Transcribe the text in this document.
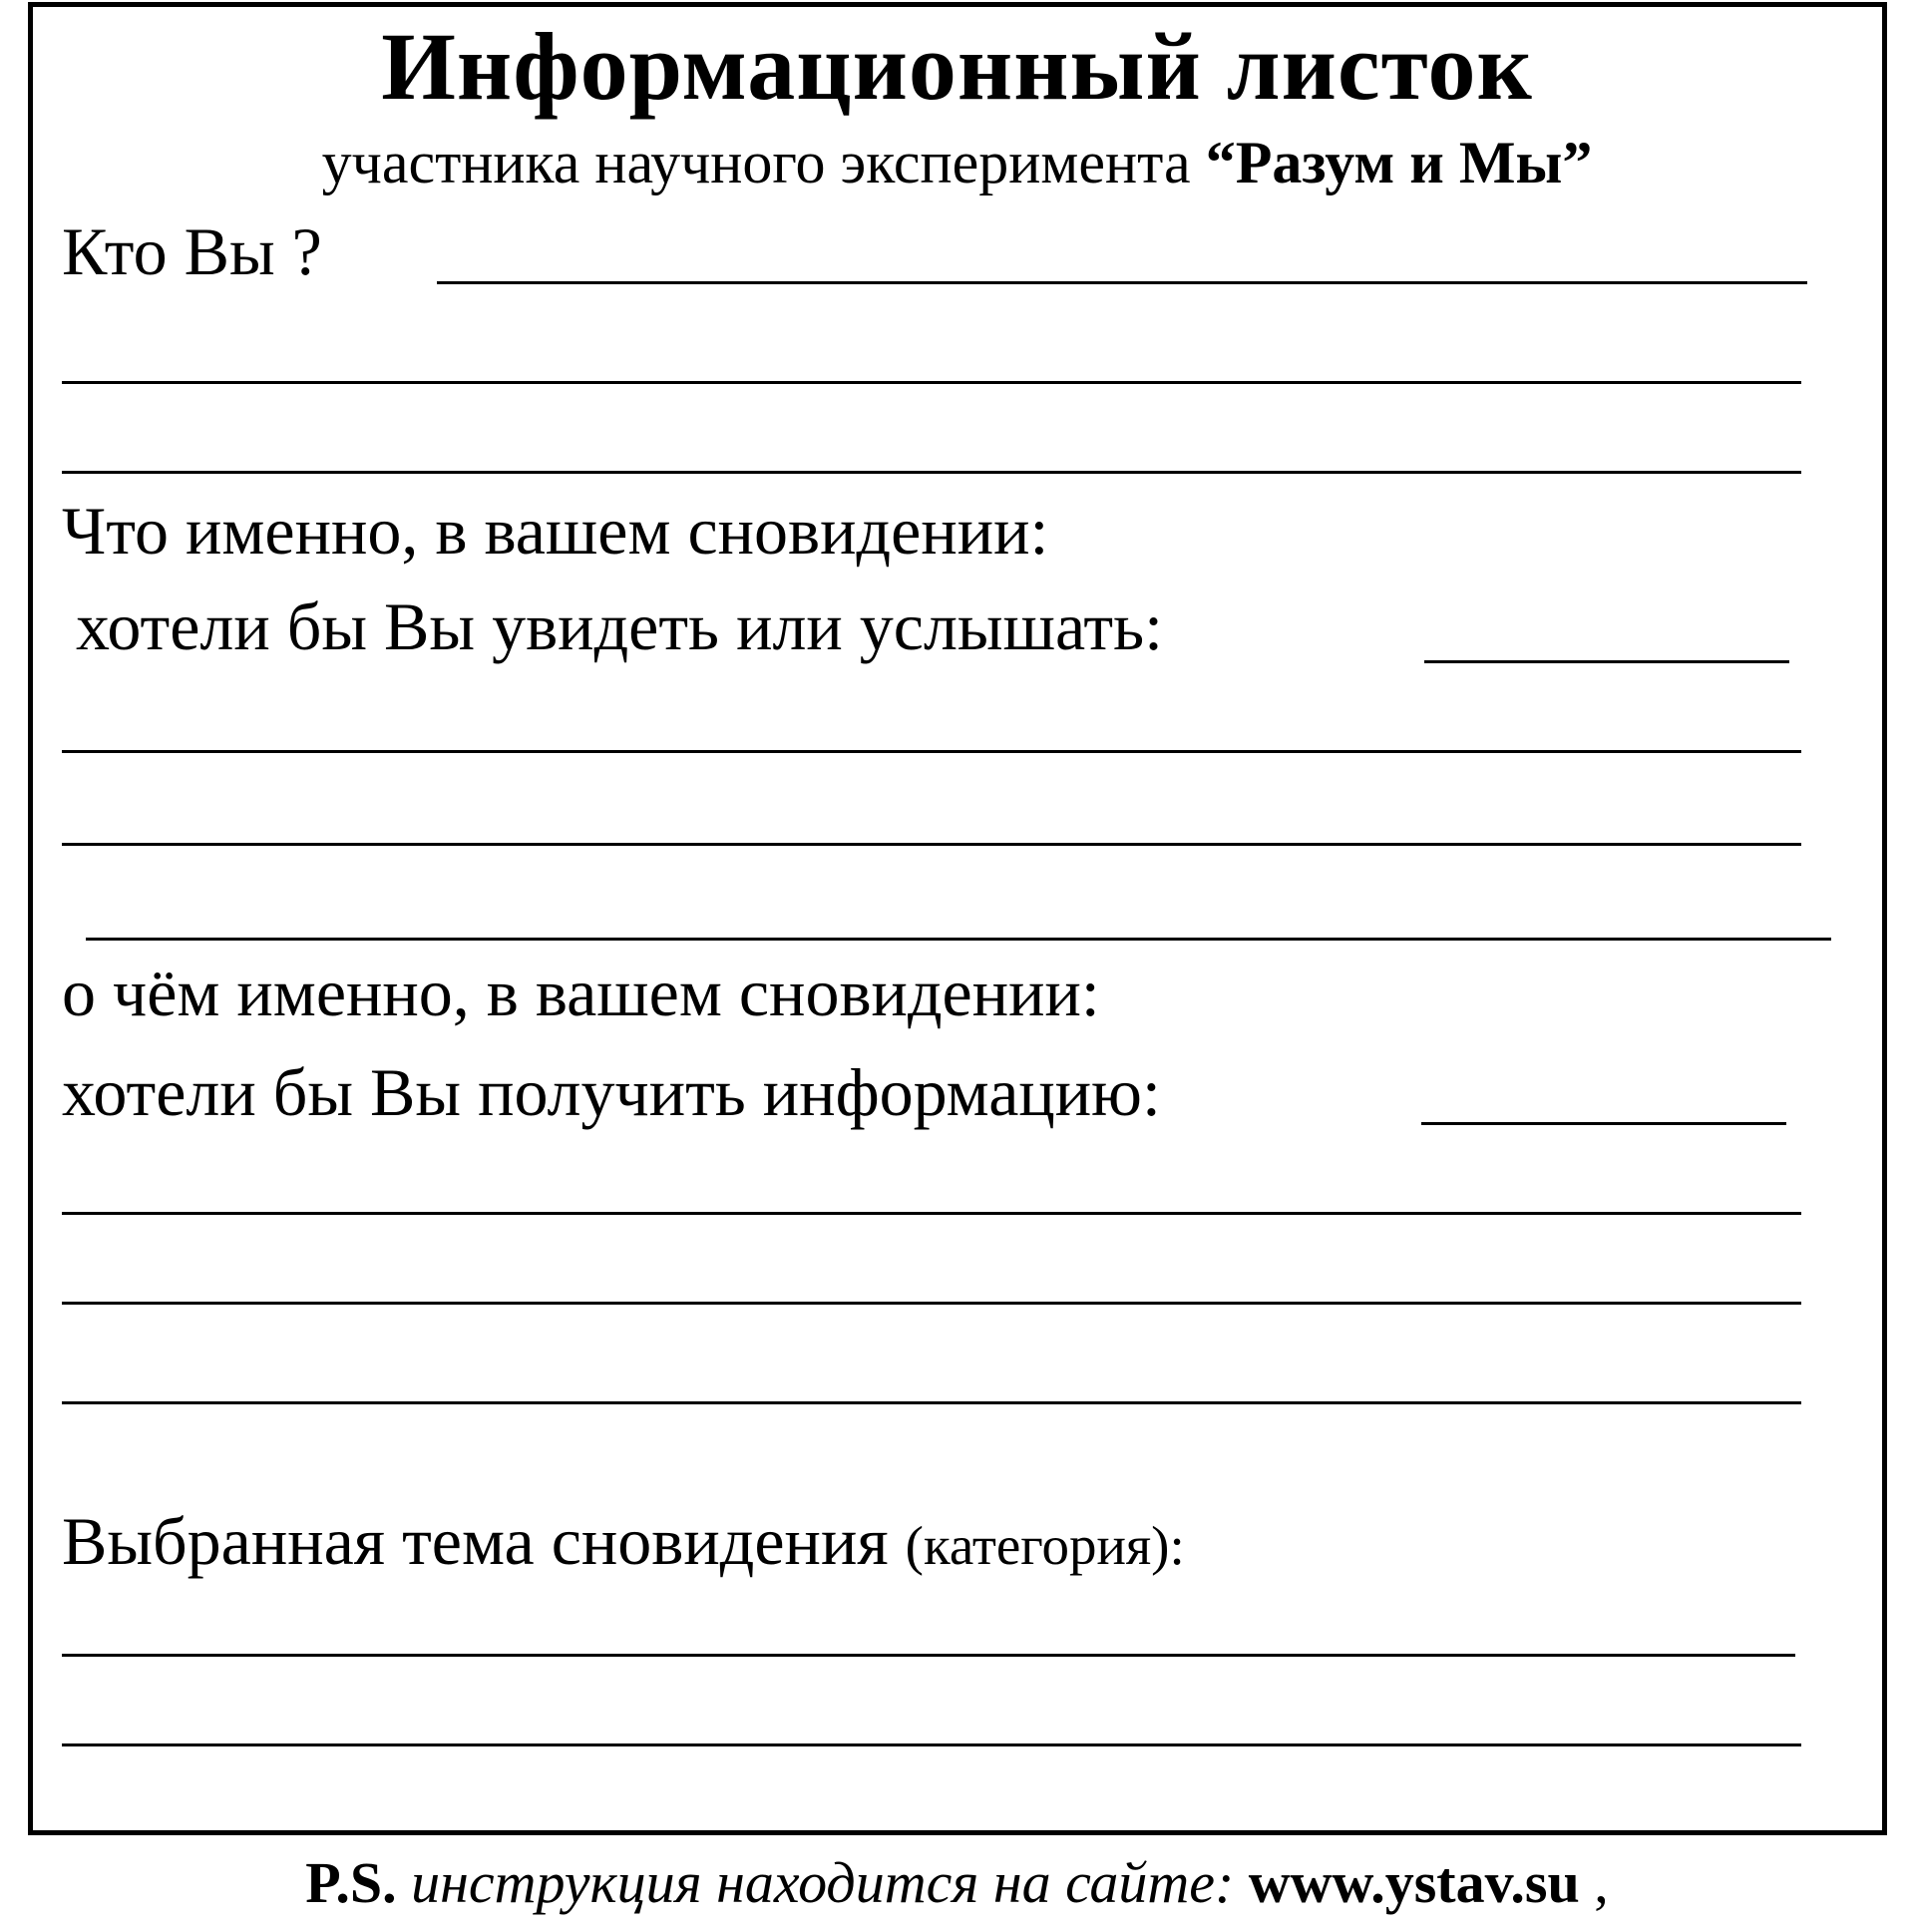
Информационный листок
участника научного эксперимента “Разум и Мы”
Кто Вы ?
Что именно, в вашем сновидении:
хотели бы Вы увидеть или услышать:
о чём именно, в вашем сновидении:
хотели бы Вы получить информацию:
Выбранная тема сновидения (категория):
P.S. инструкция находится на сайте: www.ystav.su ,
